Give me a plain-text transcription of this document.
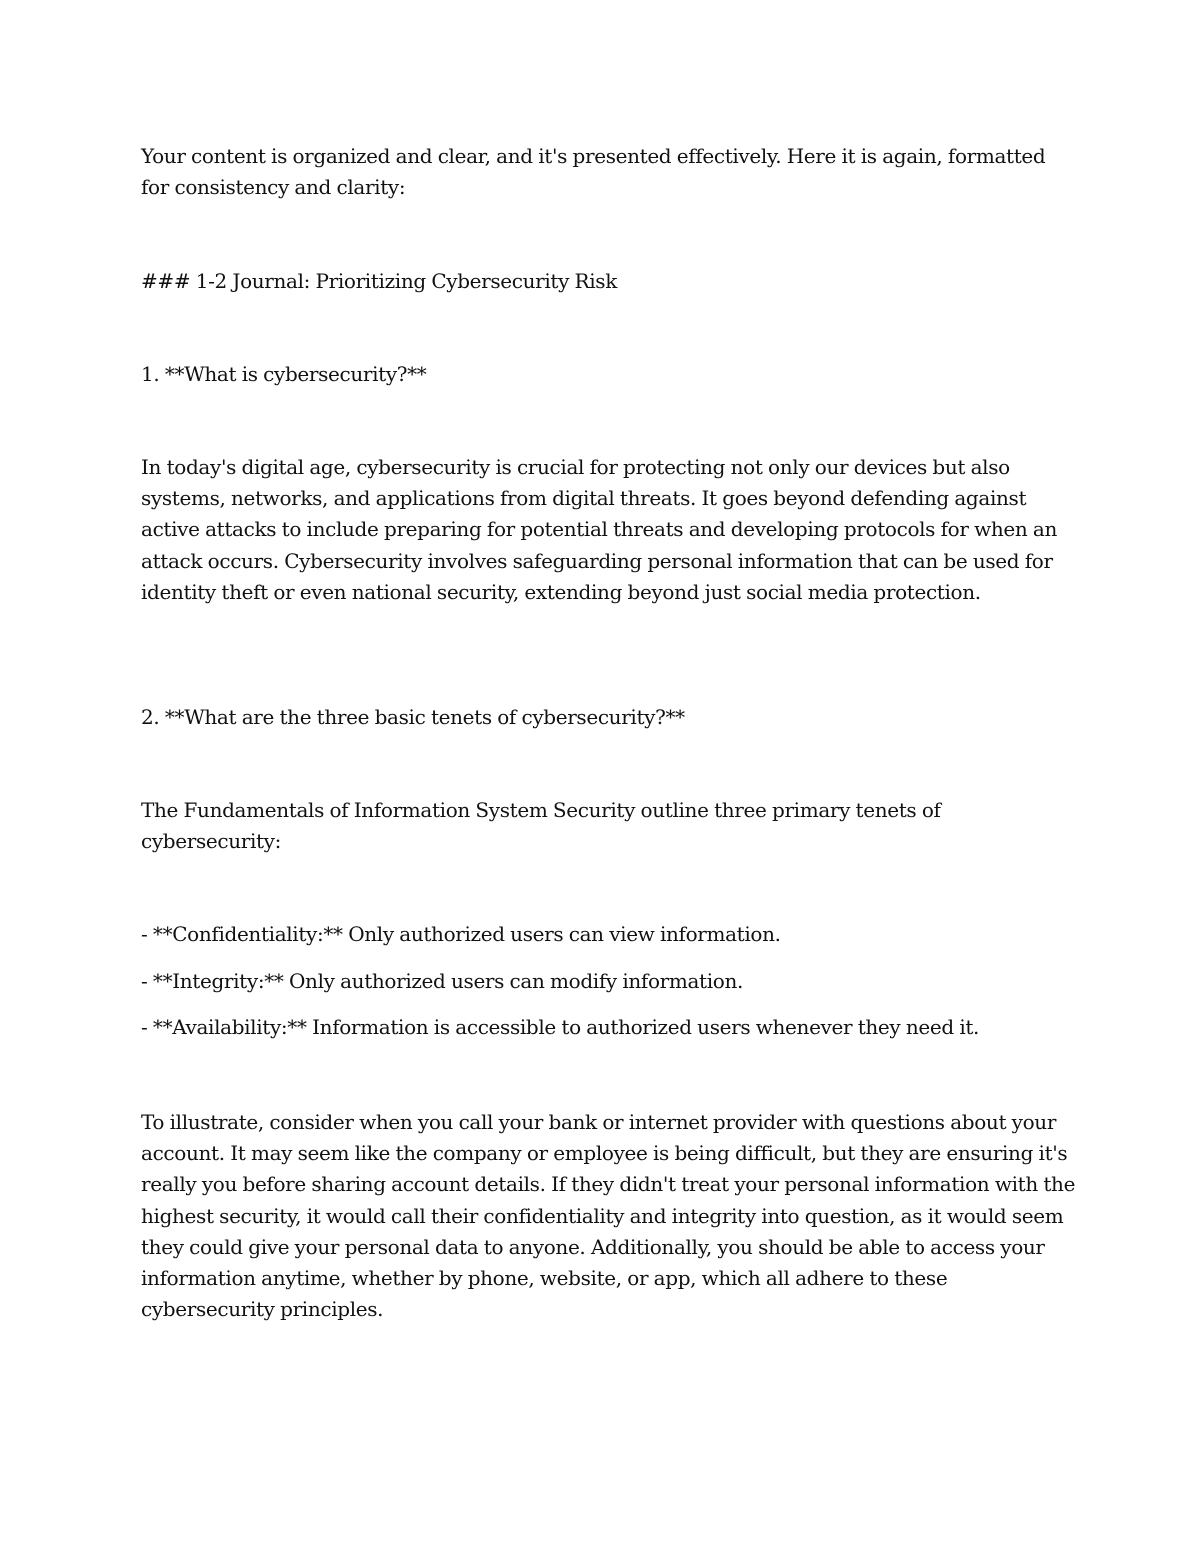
Your content is organized and clear, and it's presented effectively. Here it is again, formatted for consistency and clarity:

### 1-2 Journal: Prioritizing Cybersecurity Risk

1. **What is cybersecurity?**

In today's digital age, cybersecurity is crucial for protecting not only our devices but also systems, networks, and applications from digital threats. It goes beyond defending against active attacks to include preparing for potential threats and developing protocols for when an attack occurs. Cybersecurity involves safeguarding personal information that can be used for identity theft or even national security, extending beyond just social media protection.

2. **What are the three basic tenets of cybersecurity?**

The Fundamentals of Information System Security outline three primary tenets of cybersecurity:

- **Confidentiality:** Only authorized users can view information.

- **Integrity:** Only authorized users can modify information.

- **Availability:** Information is accessible to authorized users whenever they need it.

To illustrate, consider when you call your bank or internet provider with questions about your account. It may seem like the company or employee is being difficult, but they are ensuring it's really you before sharing account details. If they didn't treat your personal information with the highest security, it would call their confidentiality and integrity into question, as it would seem they could give your personal data to anyone. Additionally, you should be able to access your information anytime, whether by phone, website, or app, which all adhere to these cybersecurity principles.
